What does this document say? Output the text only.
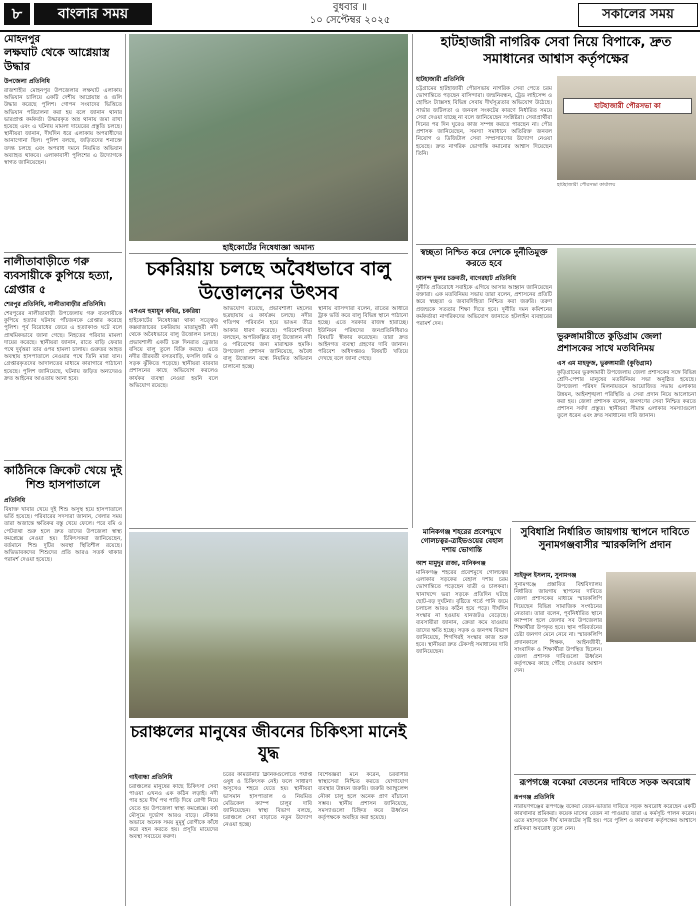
৮	বাংলার সময়	বুধবার ॥
১০ সেপ্টেম্বর ২০২৫	সকালের সময়
মোহনপুর
লক্ষঘাট থেকে আগ্নেয়াস্ত্র উদ্ধার
উপজেলা প্রতিনিধি
রাজশাহীর মোহনপুর উপজেলার লক্ষঘাট এলাকায় অভিযান চালিয়ে একটি দেশীয় আগ্নেয়াস্ত্র ও গুলি উদ্ধার করেছে পুলিশ। গোপন সংবাদের ভিত্তিতে অভিযান পরিচালনা করা হয় বলে জানান থানার ভারপ্রাপ্ত কর্মকর্তা। উদ্ধারকৃত অস্ত্র থানায় জমা রাখা হয়েছে এবং এ ঘটনায় মামলা দায়েরের প্রস্তুতি চলছে। স্থানীয়রা জানান, দীর্ঘদিন ধরে এলাকায় অপরাধীদের আনাগোনা ছিল। পুলিশ বলছে, জড়িতদের শনাক্তে তদন্ত চলছে এবং অপরাধ দমনে নিয়মিত অভিযান অব্যাহত থাকবে। এলাকাবাসী পুলিশের এ উদ্যোগকে স্বাগত জানিয়েছেন।
নালীতাবাড়ীতে গরু ব্যবসায়ীকে কুপিয়ে হত্যা, গ্রেপ্তার ৫
শেরপুর প্রতিনিধি, নালীতাবাড়ীর প্রতিনিধি।
শেরপুরের নালীতাবাড়ী উপজেলায় গরু ব্যবসায়ীকে কুপিয়ে হত্যার ঘটনায় পাঁচজনকে গ্রেপ্তার করেছে পুলিশ। পূর্ব বিরোধের জেরে এ হত্যাকাণ্ড ঘটে বলে প্রাথমিকভাবে জানা গেছে। নিহতের পরিবার মামলা দায়ের করেছে। স্থানীয়রা জানান, রাতে বাড়ি ফেরার পথে দুর্বৃত্তরা তার ওপর হামলা চালায়। গুরুতর আহত অবস্থায় হাসপাতালে নেওয়ার পথে তিনি মারা যান। গ্রেপ্তারকৃতদের আদালতের মাধ্যমে কারাগারে পাঠানো হয়েছে। পুলিশ জানিয়েছে, ঘটনায় জড়িত অন্যদেরও দ্রুত আইনের আওতায় আনা হবে।
কাঠিনিকে ক্রিকেট খেয়ে দুই শিশু হাসপাতালে
প্রতিনিধি
বিষাক্ত খাবার খেয়ে দুই শিশু অসুস্থ হয়ে হাসপাতালে ভর্তি হয়েছে। পরিবারের সদস্যরা জানান, খেলার সময় তারা অজান্তে ক্ষতিকর বস্তু খেয়ে ফেলে। পরে বমি ও পেটব্যথা শুরু হলে দ্রুত তাদের উপজেলা স্বাস্থ্য কমপ্লেক্সে নেওয়া হয়। চিকিৎসকরা জানিয়েছেন, বর্তমানে শিশু দুটির অবস্থা স্থিতিশীল রয়েছে। অভিভাবকদের শিশুদের প্রতি আরও সতর্ক থাকার পরামর্শ দেওয়া হয়েছে।
হাইকোর্টের নিষেধাজ্ঞা অমান্য
চকরিয়ায় চলছে অবৈধভাবে বালু উত্তোলনের উৎসব
এসএম হুমায়ুন কবির, চকরিয়া
হাইকোর্টের নিষেধাজ্ঞা থাকা সত্ত্বেও কক্সবাজারের চকরিয়ায় মাতামুহুরী নদী থেকে অবৈধভাবে বালু উত্তোলন চলছে। প্রভাবশালী একটি চক্র দিনরাত ড্রেজার বসিয়ে বালু তুলে বিক্রি করছে। এতে নদীর তীরবর্তী বসতবাড়ি, ফসলি জমি ও সড়ক ঝুঁকিতে পড়েছে। স্থানীয়রা বারবার প্রশাসনের কাছে অভিযোগ করলেও কার্যকর ব্যবস্থা নেওয়া হয়নি বলে অভিযোগ রয়েছে।
অভিযোগ রয়েছে, প্রভাবশালী মহলের ছত্রছায়ায় এ কার্যক্রম চলছে। নদীর গতিপথ পরিবর্তন হয়ে ভাঙন তীব্র আকার ধারণ করেছে। পরিবেশবিদরা বলছেন, অপরিকল্পিত বালু উত্তোলন নদী ও পরিবেশের জন্য মারাত্মক হুমকি। উপজেলা প্রশাসন জানিয়েছে, অবৈধ বালু উত্তোলন বন্ধে নিয়মিত অভিযান চালানো হচ্ছে।
স্থানীয় বাসিন্দারা বলেন, রাতের আঁধারে ট্রাক ভর্তি করে বালু বিভিন্ন স্থানে পাঠানো হচ্ছে। এতে সরকার রাজস্ব হারাচ্ছে। ইউনিয়ন পরিষদের জনপ্রতিনিধিরাও বিষয়টি স্বীকার করেছেন। তারা দ্রুত আইনগত ব্যবস্থা গ্রহণের দাবি জানান। পরিবেশ অধিদপ্তরও বিষয়টি খতিয়ে দেখছে বলে জানা গেছে।
মানিকগঞ্জ শহরের প্রবেশমুখে গোলচত্বর-ত্রাইভওয়ের বেহাল দশায় ভোগান্তি
আশ মামুদুর রাজা, মানিকগঞ্জ
মানিকগঞ্জ শহরের প্রবেশমুখে গোলচত্বর এলাকার সড়কের বেহাল দশায় চরম ভোগান্তিতে পড়েছেন যাত্রী ও চালকরা। খানাখন্দে ভরা সড়কে প্রতিদিন ঘটছে ছোট-বড় দুর্ঘটনা। বৃষ্টিতে গর্তে পানি জমে চলাচল আরও কঠিন হয়ে পড়ে। দীর্ঘদিন সংস্কার না হওয়ায় যানজটও বেড়েছে। ব্যবসায়ীরা জানান, ক্রেতা কমে যাওয়ায় তাদের ক্ষতি হচ্ছে। সড়ক ও জনপথ বিভাগ জানিয়েছে, শিগগিরই সংস্কার কাজ শুরু হবে। স্থানীয়রা দ্রুত টেকসই সমাধানের দাবি জানিয়েছেন।
চরাঞ্চলের মানুষের জীবনের চিকিৎসা মানেই যুদ্ধ
গাইবান্ধা প্রতিনিধি
চরাঞ্চলের মানুষের কাছে চিকিৎসা সেবা পাওয়া এখনও এক কঠিন লড়াই। নদী পার হয়ে দীর্ঘ পথ পাড়ি দিয়ে রোগী নিয়ে যেতে হয় উপজেলা স্বাস্থ্য কমপ্লেক্সে। বর্ষা মৌসুমে দুর্ভোগ আরও বাড়ে। নৌকার অভাবে অনেক সময় মুমূর্ষু রোগীকে কাঁধে করে বহন করতে হয়। প্রসূতি মায়েদের অবস্থা সবচেয়ে করুণ।
চরের কমিউনিটি ক্লিনিকগুলোতে পর্যাপ্ত ওষুধ ও চিকিৎসক নেই। ফলে সাধারণ অসুখেও শহরে যেতে হয়। স্থানীয়রা ভাসমান হাসপাতাল ও নিয়মিত মেডিকেল ক্যাম্প চালুর দাবি জানিয়েছেন। স্বাস্থ্য বিভাগ বলছে, চরাঞ্চলে সেবা বাড়াতে নতুন উদ্যোগ নেওয়া হচ্ছে।
বিশেষজ্ঞরা মনে করেন, চরবাসীর স্বাস্থ্যসেবা নিশ্চিত করতে যোগাযোগ ব্যবস্থার উন্নয়ন জরুরি। জরুরি অ্যাম্বুলেন্স নৌকা চালু হলে অনেক প্রাণ বাঁচানো সম্ভব। স্থানীয় প্রশাসন জানিয়েছে, সমস্যাগুলো চিহ্নিত করে ঊর্ধ্বতন কর্তৃপক্ষকে অবহিত করা হয়েছে।
হাটহাজারী নাগরিক সেবা নিয়ে বিপাকে, দ্রুত সমাধানের আশ্বাস কর্তৃপক্ষের
হাটহাজারী প্রতিনিধি
চট্টগ্রামের হাটহাজারী পৌরসভায় নাগরিক সেবা পেতে চরম ভোগান্তিতে পড়ছেন বাসিন্দারা। জন্মনিবন্ধন, ট্রেড লাইসেন্স ও হোল্ডিং ট্যাক্সসহ বিভিন্ন সেবায় দীর্ঘসূত্রতার অভিযোগ উঠেছে। সার্ভার জটিলতা ও জনবল সংকটের কারণে নির্ধারিত সময়ে সেবা দেওয়া যাচ্ছে না বলে জানিয়েছেন সংশ্লিষ্টরা। সেবাপ্রার্থীরা দিনের পর দিন ঘুরেও কাজ সম্পন্ন করতে পারছেন না। পৌর প্রশাসক জানিয়েছেন, সমস্যা সমাধানে অতিরিক্ত জনবল নিয়োগ ও ডিজিটাল সেবা সম্প্রসারণের উদ্যোগ নেওয়া হয়েছে। দ্রুত নাগরিক ভোগান্তি কমানোর আশ্বাস দিয়েছেন তিনি।
হাটহাজারী পৌরসভা কা
হাটহাজারী পৌরসভা কার্যালয়
স্বচ্ছতা নিশ্চিত করে দেশকে দুর্নীতিমুক্ত করতে হবে
আনন্দ ফুলর চক্রবর্তী, বাগেরহাট প্রতিনিধি
দুর্নীতি প্রতিরোধে সবাইকে এগিয়ে আসার আহ্বান জানিয়েছেন বক্তারা। এক মতবিনিময় সভায় তারা বলেন, প্রশাসনের প্রতিটি স্তরে স্বচ্ছতা ও জবাবদিহিতা নিশ্চিত করা জরুরি। তরুণ প্রজন্মকে সততার শিক্ষা দিতে হবে। দুর্নীতি দমন কমিশনের কর্মকর্তারা নাগরিকদের অভিযোগ জানাতে হটলাইন ব্যবহারের পরামর্শ দেন।
ভুরুঙ্গামারীতে কুড়িগ্রাম জেলা প্রশাসকের সাথে মতবিনিময়
এস এম মাহফুজ, ভুরুঙ্গামারী (কুড়িগ্রাম)
কুড়িগ্রামের ভুরুঙ্গামারী উপজেলায় জেলা প্রশাসকের সঙ্গে বিভিন্ন শ্রেণি-পেশার মানুষের মতবিনিময় সভা অনুষ্ঠিত হয়েছে। উপজেলা পরিষদ মিলনায়তনে আয়োজিত সভায় এলাকার উন্নয়ন, আইনশৃঙ্খলা পরিস্থিতি ও সেবা প্রদান নিয়ে আলোচনা করা হয়। জেলা প্রশাসক বলেন, জনগণের সেবা নিশ্চিত করতে প্রশাসন সর্বদা প্রস্তুত। স্থানীয়রা সীমান্ত এলাকার সমস্যাগুলো তুলে ধরেন এবং দ্রুত সমাধানের দাবি জানান।
সুবিধাপ্রি নির্ধারিত জায়গায় স্থাপনে দাবিতে সুনামগঞ্জবাসীর স্মারকলিপি প্রদান
সাইফুল ইসলাম, সুনামগঞ্জ
সুনামগঞ্জে প্রস্তাবিত বিশ্ববিদ্যালয় নির্ধারিত জায়গায় স্থাপনের দাবিতে জেলা প্রশাসকের মাধ্যমে স্মারকলিপি দিয়েছেন বিভিন্ন সামাজিক সংগঠনের নেতারা। তারা বলেন, পূর্বনির্ধারিত স্থানে ক্যাম্পাস হলে জেলার সব উপজেলার শিক্ষার্থীরা উপকৃত হবে। স্থান পরিবর্তনের চেষ্টা জনগণ মেনে নেবে না। স্মারকলিপি প্রদানকালে শিক্ষক, আইনজীবী, সাংবাদিক ও শিক্ষার্থীরা উপস্থিত ছিলেন। জেলা প্রশাসক দাবিগুলো ঊর্ধ্বতন কর্তৃপক্ষের কাছে পৌঁছে দেওয়ার আশ্বাস দেন।
রূপগঞ্জে বকেয়া বেতনের দাবিতে সড়ক অবরোধ
রূপগঞ্জ প্রতিনিধি
নারায়ণগঞ্জের রূপগঞ্জে বকেয়া বেতন-ভাতার দাবিতে সড়ক অবরোধ করেছেন একটি কারখানার শ্রমিকরা। কয়েক মাসের বেতন না পাওয়ায় তারা এ কর্মসূচি পালন করেন। এতে মহাসড়কে দীর্ঘ যানজটের সৃষ্টি হয়। পরে পুলিশ ও কারখানা কর্তৃপক্ষের আশ্বাসে শ্রমিকরা অবরোধ তুলে নেন।
